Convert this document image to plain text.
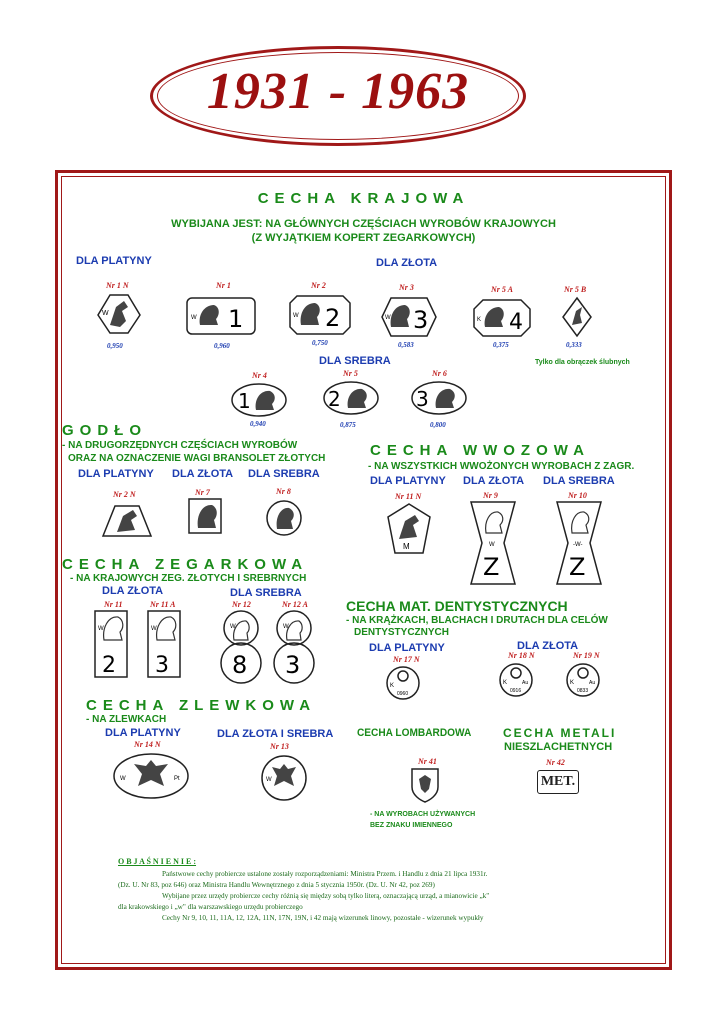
1931 - 1963
CECHA KRAJOWA
WYBIJANA JEST: NA GŁÓWNYCH CZĘŚCIACH WYROBÓW KRAJOWYCH
(Z WYJĄTKIEM KOPERT ZEGARKOWYCH)
DLA PLATYNY	DLA ZŁOTA
Nr 1 N
W
0,950
Nr 1
W 1
0,960
Nr 2
W 2
0,750
Nr 3
W 3
0,583
Nr 5 A
K 4
0,375
Nr 5 B
0,333
DLA SREBRA	Tylko dla obrączek ślubnych
Nr 4
1
0,940
Nr 5
2
0,875
Nr 6
3
0,800
GODŁO
- NA DRUGORZĘDNYCH CZĘŚCIACH WYROBÓW
ORAZ NA OZNACZENIE WAGI BRANSOLET ZŁOTYCH
DLA PLATYNY DLA ZŁOTA DLA SREBRA
Nr 2 N	Nr 7	Nr 8
CECHA WWOZOWA
- NA WSZYSTKICH WWOŻONYCH WYROBACH Z ZAGR.
DLA PLATYNY DLA ZŁOTA DLA SREBRA
Nr 11 N
M
Nr 9
W
Z
Nr 10
-W-
Z
CECHA ZEGARKOWA
- NA KRAJOWYCH ZEG. ZŁOTYCH I SREBRNYCH
DLA ZŁOTA	DLA SREBRA
Nr 11
W
2
Nr 11 A
W
3
Nr 12
W
8
Nr 12 A
W
3
CECHA MAT. DENTYSTYCZNYCH
- NA KRĄŻKACH, BLACHACH I DRUTACH DLA CELÓW
DENTYSTYCZNYCH
DLA PLATYNY	DLA ZŁOTA
Nr 17 N
K
0960
Nr 18 N
K	Au
0916
Nr 19 N
K	Au
0833
CECHA ZLEWKOWA
- NA ZLEWKACH
DLA PLATYNY	DLA ZŁOTA I SREBRA
Nr 14 N
W	Pt
Nr 13
W
CECHA LOMBARDOWA
Nr 41
- NA WYROBACH UŻYWANYCH
BEZ ZNAKU IMIENNEGO
CECHA METALI
NIESZLACHETNYCH
Nr 42
MET.
O B J A Ś N I E N I E :
Państwowe cechy probiercze ustalone zostały rozporządzeniami: Ministra Przem. i Handlu z dnia 21 lipca 1931r.
(Dz. U. Nr 83, poz 646) oraz Ministra Handlu Wewnętrznego z dnia 5 stycznia 1950r. (Dz. U. Nr 42, poz 269)
Wybijane przez urzędy probiercze cechy różnią się między sobą tylko literą, oznaczającą urząd, a mianowicie „k"
dla krakowskiego i „w" dla warszawskiego urzędu probierczego
Cechy Nr 9, 10, 11, 11A, 12, 12A, 11N, 17N, 19N, i 42 mają wizerunek linowy, pozostałe - wizerunek wypukły
